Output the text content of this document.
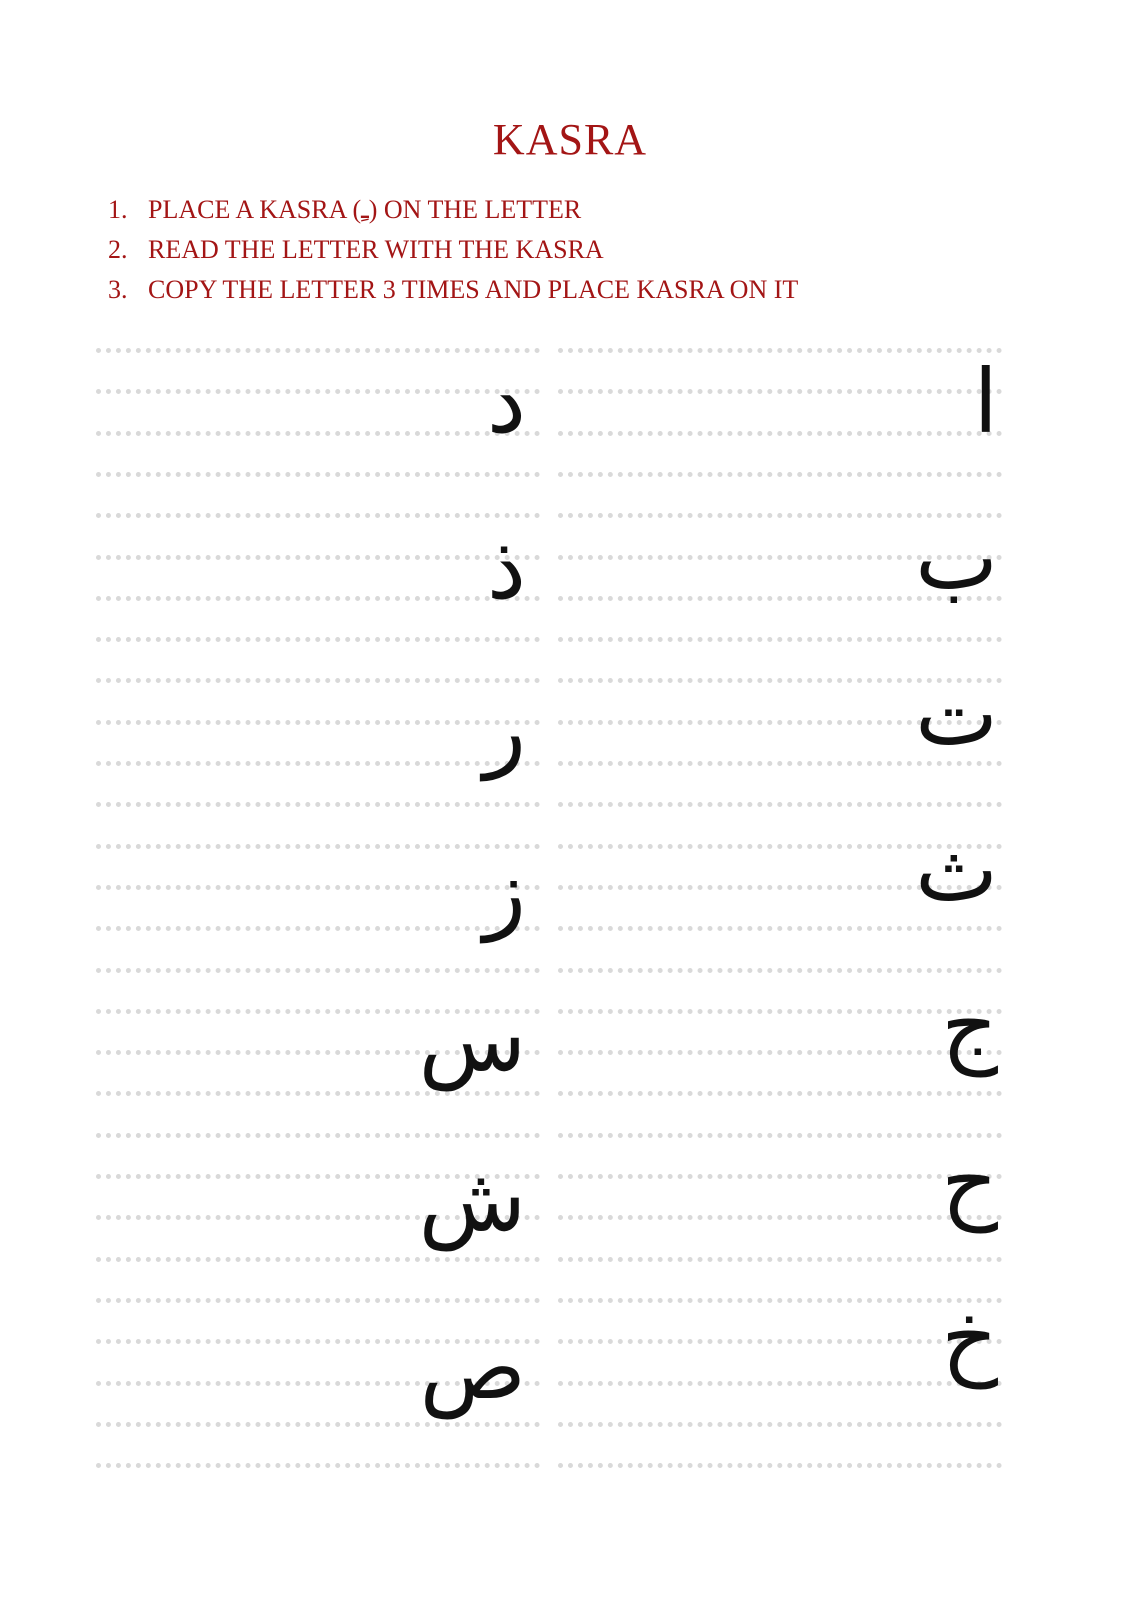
KASRA
1. PLACE A KASRA (ـِ) ON THE LETTER
2. READ THE LETTER WITH THE KASRA
3. COPY THE LETTER 3 TIMES AND PLACE KASRA ON IT
ا
ب
ت
ث
ج
ح
خ
د
ذ
ر
ز
س
ش
ص
